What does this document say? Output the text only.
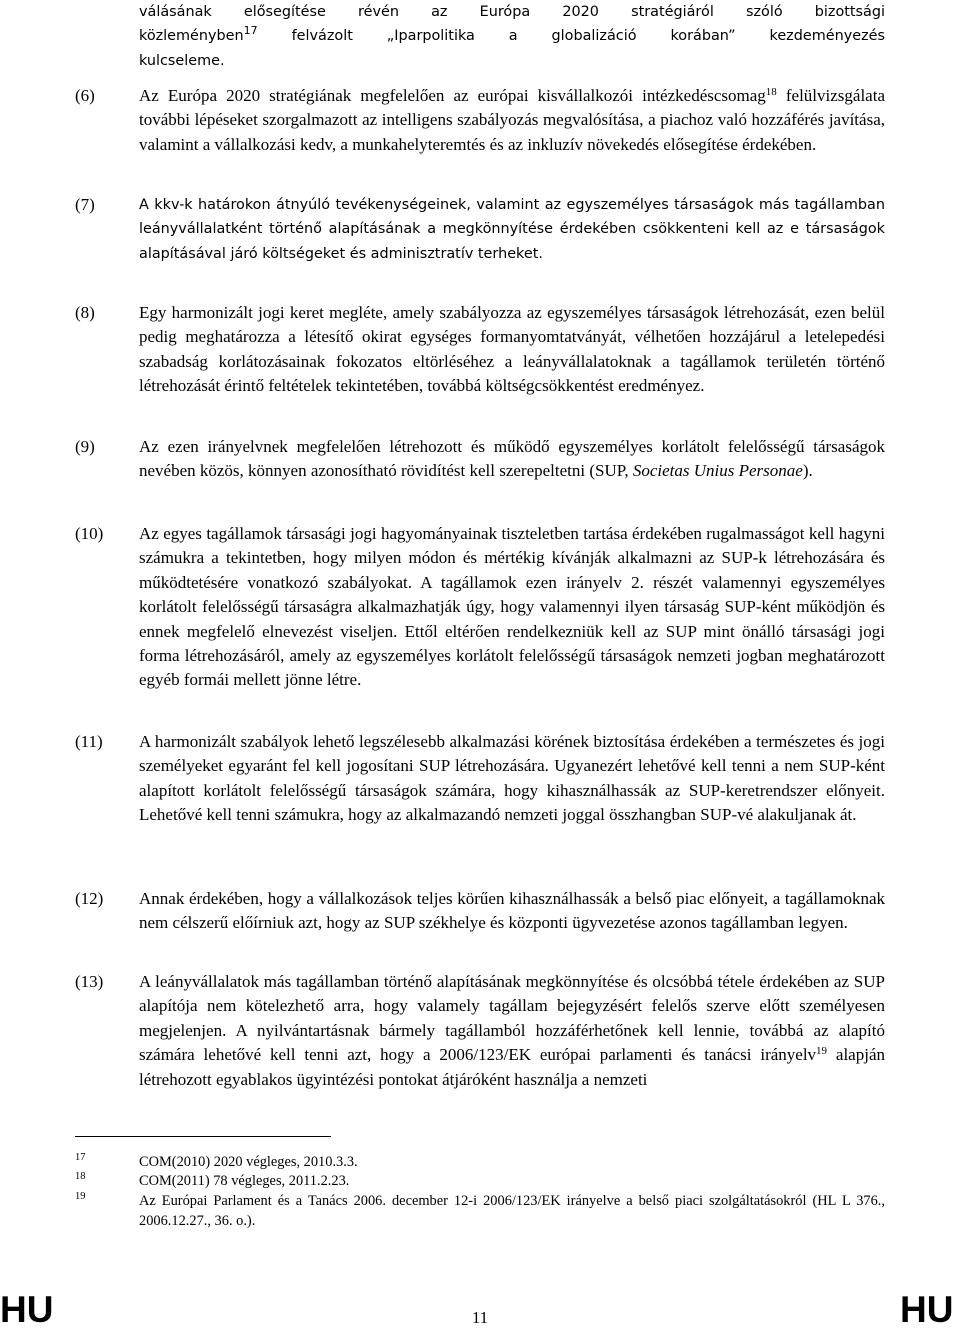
válásának elősegítése révén az Európa 2020 stratégiáról szóló bizottsági
közleményben$^{17}$ felvázolt „Iparpolitika a globalizáció korában” kezdeményezés
kulcseleme.
(6)	Az Európa 2020 stratégiának megfelelően az európai kisvállalkozói intézkedéscsomag$^{18}$ felülvizsgálata további lépéseket szorgalmazott az intelligens szabályozás megvalósítása, a piachoz való hozzáférés javítása, valamint a vállalkozási kedv, a munkahelyteremtés és az inkluzív növekedés elősegítése érdekében.
(7)	A kkv-k határokon átnyúló tevékenységeinek, valamint az egyszemélyes társaságok más tagállamban leányvállalatként történő alapításának a megkönnyítése érdekében csökkenteni kell az e társaságok alapításával járó költségeket és adminisztratív terheket.
(8)	Egy harmonizált jogi keret megléte, amely szabályozza az egyszemélyes társaságok létrehozását, ezen belül pedig meghatározza a létesítő okirat egységes formanyomtatványát, vélhetően hozzájárul a letelepedési szabadság korlátozásainak fokozatos eltörléséhez a leányvállalatoknak a tagállamok területén történő létrehozását érintő feltételek tekintetében, továbbá költségcsökkentést eredményez.
(9)	Az ezen irányelvnek megfelelően létrehozott és működő egyszemélyes korlátolt felelősségű társaságok nevében közös, könnyen azonosítható rövidítést kell szerepeltetni (SUP, Societas Unius Personae).
(10) Az egyes tagállamok társasági jogi hagyományainak tiszteletben tartása érdekében rugalmasságot kell hagyni számukra a tekintetben, hogy milyen módon és mértékig kívánják alkalmazni az SUP-k létrehozására és működtetésére vonatkozó szabályokat. A tagállamok ezen irányelv 2. részét valamennyi egyszemélyes korlátolt felelősségű társaságra alkalmazhatják úgy, hogy valamennyi ilyen társaság SUP-ként működjön és ennek megfelelő elnevezést viseljen. Ettől eltérően rendelkezniük kell az SUP mint önálló társasági jogi forma létrehozásáról, amely az egyszemélyes korlátolt felelősségű társaságok nemzeti jogban meghatározott egyéb formái mellett jönne létre.
(11) A harmonizált szabályok lehető legszélesebb alkalmazási körének biztosítása érdekében a természetes és jogi személyeket egyaránt fel kell jogosítani SUP létrehozására. Ugyanezért lehetővé kell tenni a nem SUP-ként alapított korlátolt felelősségű társaságok számára, hogy kihasználhassák az SUP-keretrendszer előnyeit. Lehetővé kell tenni számukra, hogy az alkalmazandó nemzeti joggal összhangban SUP-vé alakuljanak át.
(12) Annak érdekében, hogy a vállalkozások teljes körűen kihasználhassák a belső piac előnyeit, a tagállamoknak nem célszerű előírniuk azt, hogy az SUP székhelye és központi ügyvezetése azonos tagállamban legyen.
(13) A leányvállalatok más tagállamban történő alapításának megkönnyítése és olcsóbbá tétele érdekében az SUP alapítója nem kötelezhető arra, hogy valamely tagállam bejegyzésért felelős szerve előtt személyesen megjelenjen. A nyilvántartásnak bármely tagállamból hozzáférhetőnek kell lennie, továbbá az alapító számára lehetővé kell tenni azt, hogy a 2006/123/EK európai parlamenti és tanácsi irányelv$^{19}$ alapján létrehozott egyablakos ügyintézési pontokat átjáróként használja a nemzeti
17	COM(2010) 2020 végleges, 2010.3.3.
18	COM(2011) 78 végleges, 2011.2.23.
19	Az Európai Parlament és a Tanács 2006. december 12-i 2006/123/EK irányelve a belső piaci szolgáltatásokról (HL L 376., 2006.12.27., 36. o.).
HU	11	HU
